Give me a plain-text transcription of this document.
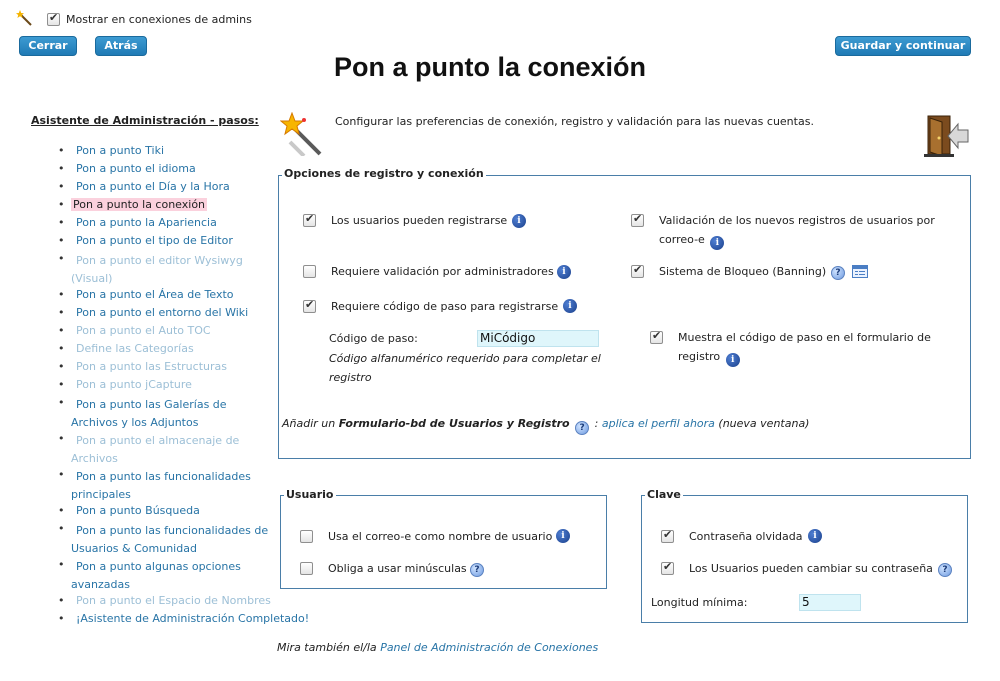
✔
Mostrar en conexiones de admins
Cerrar	Atrás	Guardar y continuar
Pon a punto la conexión
Asistente de Administración - pasos:
• Pon a punto Tiki
• Pon a punto el idioma
• Pon a punto el Día y la Hora
• Pon a punto la conexión
• Pon a punto la Apariencia
• Pon a punto el tipo de Editor
•	Pon a punto el editor Wysiwyg (Visual)
• Pon a punto el Área de Texto
• Pon a punto el entorno del Wiki
• Pon a punto el Auto TOC
• Define las Categorías
• Pon a punto las Estructuras
• Pon a punto jCapture
•	Pon a punto las Galerías de Archivos y los Adjuntos
•	Pon a punto el almacenaje de Archivos
•	Pon a punto las funcionalidades principales
• Pon a punto Búsqueda
•	Pon a punto las funcionalidades de Usuarios & Comunidad
•	Pon a punto algunas opciones avanzadas
• Pon a punto el Espacio de Nombres
• ¡Asistente de Administración Completado!
Configurar las preferencias de conexión, registro y validación para las nuevas cuentas.
Opciones de registro y conexión
✔
Los usuarios pueden registrarse	i ✔	Validación de los nuevos registros de usuarios por correo-e i
Requiere validación por administradores i ✔	Sistema de Bloqueo (Banning)	?
✔
Requiere código de paso para registrarse	i
Código de paso:	MiCódigo
Código alfanumérico requerido para completar el registro
✔
Muestra el código de paso en el formulario de registro i
Añadir un Formulario-bd de Usuarios y Registro ? : aplica el perfil ahora (nueva ventana)
Usuario
Usa el correo-e como nombre de usuario i
Obliga a usar minúsculas ?
Clave
✔
Contraseña olvidada	i
✔
Los Usuarios pueden cambiar su contraseña	?
Longitud mínima:	5
Mira también el/la Panel de Administración de Conexiones
